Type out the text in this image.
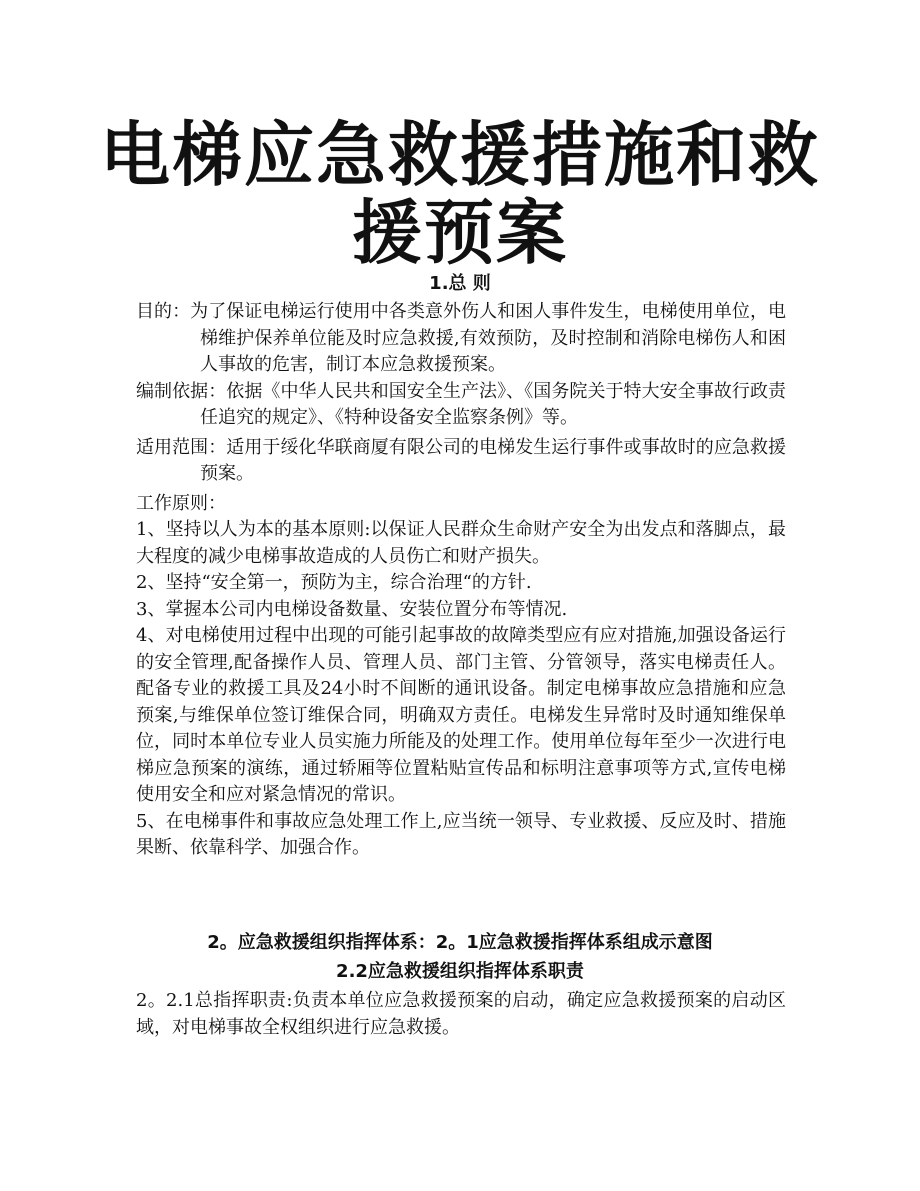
电梯应急救援措施和救
援预案
1.总 则

目的：为了保证电梯运行使用中各类意外伤人和困人事件发生，电梯使用单位，电梯维护保养单位能及时应急救援,有效预防，及时控制和消除电梯伤人和困人事故的危害，制订本应急救援预案。

编制依据：依据《中华人民共和国安全生产法》、《国务院关于特大安全事故行政责任追究的规定》、《特种设备安全监察条例》等。

适用范围：适用于绥化华联商厦有限公司的电梯发生运行事件或事故时的应急救援预案。

工作原则：

1、坚持以人为本的基本原则:以保证人民群众生命财产安全为出发点和落脚点，最大程度的减少电梯事故造成的人员伤亡和财产损失。

2、坚持“安全第一，预防为主，综合治理“的方针.

3、掌握本公司内电梯设备数量、安装位置分布等情况.

4、对电梯使用过程中出现的可能引起事故的故障类型应有应对措施,加强设备运行的安全管理,配备操作人员、管理人员、部门主管、分管领导，落实电梯责任人。配备专业的救援工具及24小时不间断的通讯设备。制定电梯事故应急措施和应急预案,与维保单位签订维保合同，明确双方责任。电梯发生异常时及时通知维保单位，同时本单位专业人员实施力所能及的处理工作。使用单位每年至少一次进行电梯应急预案的演练，通过轿厢等位置粘贴宣传品和标明注意事项等方式,宣传电梯使用安全和应对紧急情况的常识。

5、在电梯事件和事故应急处理工作上,应当统一领导、专业救援、反应及时、措施果断、依靠科学、加强合作。

2。应急救援组织指挥体系：2。1应急救援指挥体系组成示意图
2.2应急救援组织指挥体系职责

2。2.1总指挥职责:负责本单位应急救援预案的启动，确定应急救援预案的启动区域，对电梯事故全权组织进行应急救援。
